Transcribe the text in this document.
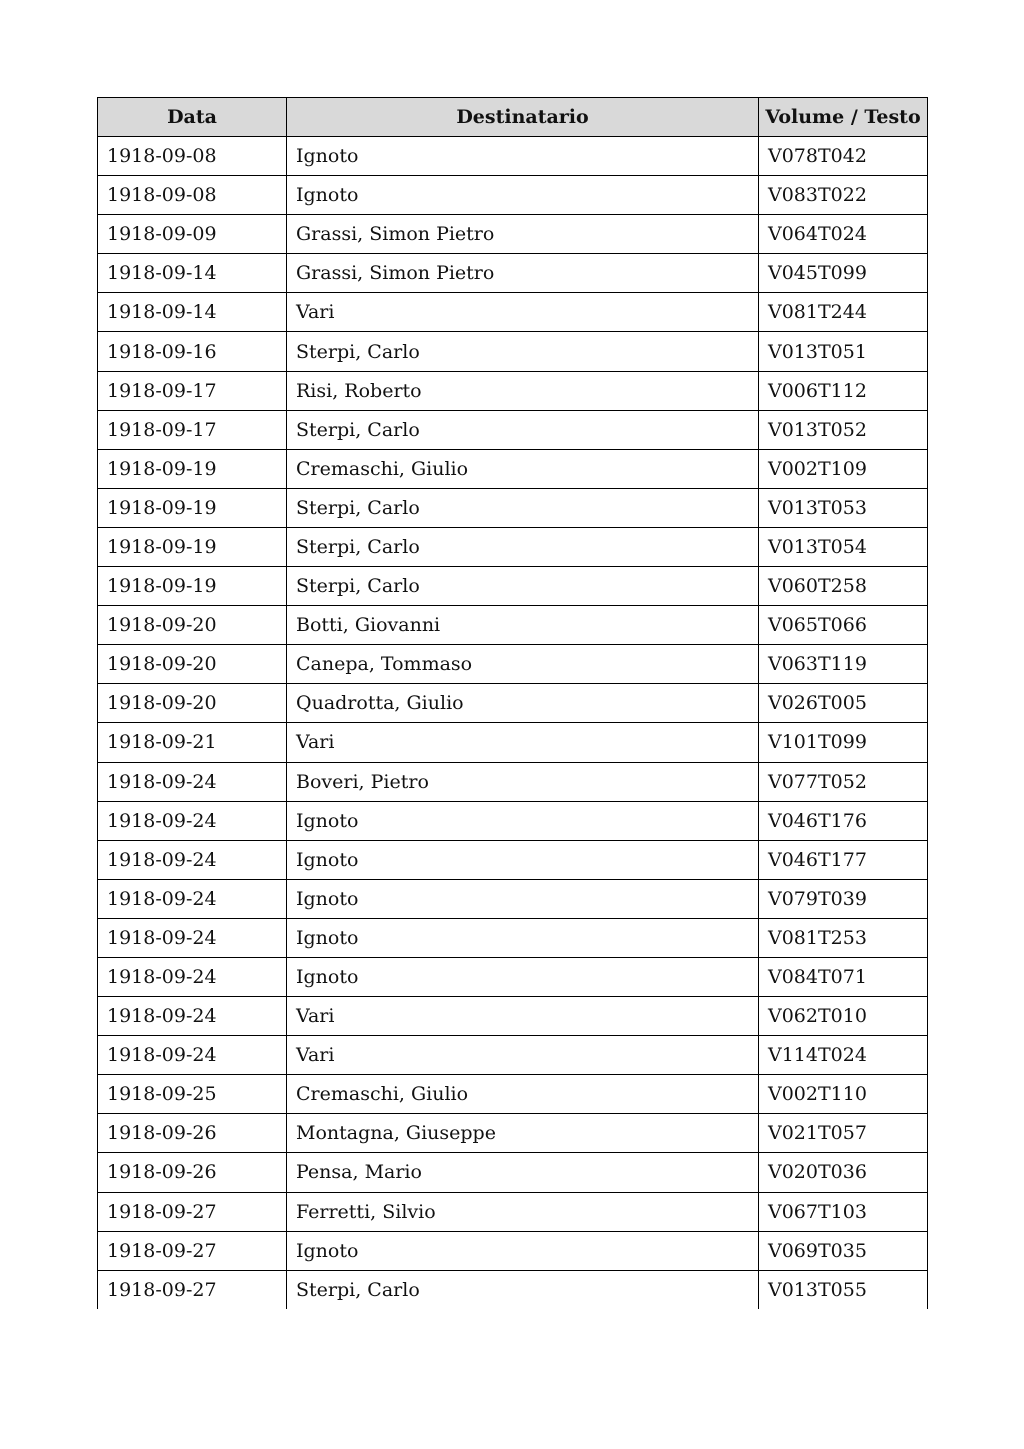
Data	Destinatario	Volume / Testo
1918-09-08	Ignoto	V078T042
1918-09-08	Ignoto	V083T022
1918-09-09	Grassi, Simon Pietro	V064T024
1918-09-14	Grassi, Simon Pietro	V045T099
1918-09-14	Vari	V081T244
1918-09-16	Sterpi, Carlo	V013T051
1918-09-17	Risi, Roberto	V006T112
1918-09-17	Sterpi, Carlo	V013T052
1918-09-19	Cremaschi, Giulio	V002T109
1918-09-19	Sterpi, Carlo	V013T053
1918-09-19	Sterpi, Carlo	V013T054
1918-09-19	Sterpi, Carlo	V060T258
1918-09-20	Botti, Giovanni	V065T066
1918-09-20	Canepa, Tommaso	V063T119
1918-09-20	Quadrotta, Giulio	V026T005
1918-09-21	Vari	V101T099
1918-09-24	Boveri, Pietro	V077T052
1918-09-24	Ignoto	V046T176
1918-09-24	Ignoto	V046T177
1918-09-24	Ignoto	V079T039
1918-09-24	Ignoto	V081T253
1918-09-24	Ignoto	V084T071
1918-09-24	Vari	V062T010
1918-09-24	Vari	V114T024
1918-09-25	Cremaschi, Giulio	V002T110
1918-09-26	Montagna, Giuseppe	V021T057
1918-09-26	Pensa, Mario	V020T036
1918-09-27	Ferretti, Silvio	V067T103
1918-09-27	Ignoto	V069T035
1918-09-27	Sterpi, Carlo	V013T055
